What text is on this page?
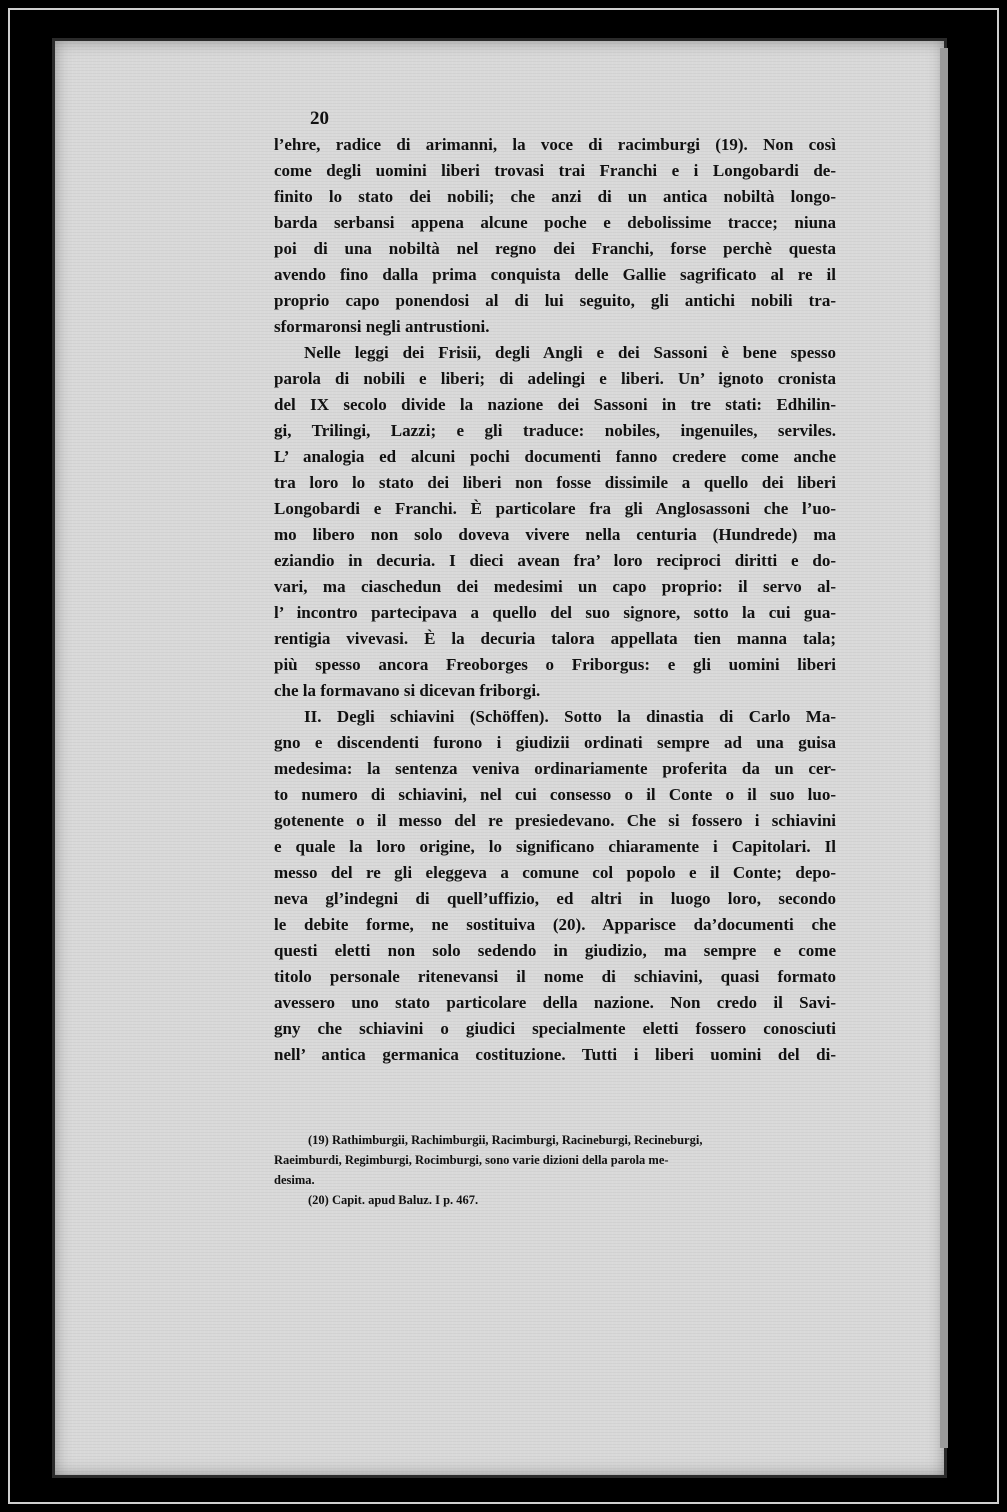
20
l’ehre, radice di arimanni, la voce di racimburgi (19). Non così
come degli uomini liberi trovasi trai Franchi e i Longobardi de-
finito lo stato dei nobili; che anzi di un antica nobiltà longo-
barda serbansi appena alcune poche e debolissime tracce; niuna
poi di una nobiltà nel regno dei Franchi, forse perchè questa
avendo fino dalla prima conquista delle Gallie sagrificato al re il
proprio capo ponendosi al di lui seguito, gli antichi nobili tra-
sformaronsi negli antrustioni.
Nelle leggi dei Frisii, degli Angli e dei Sassoni è bene spesso
parola di nobili e liberi; di adelingi e liberi. Un’ ignoto cronista
del IX secolo divide la nazione dei Sassoni in tre stati: Edhilin-
gi, Trilingi, Lazzi; e gli traduce: nobiles, ingenuiles, serviles.
L’ analogia ed alcuni pochi documenti fanno credere come anche
tra loro lo stato dei liberi non fosse dissimile a quello dei liberi
Longobardi e Franchi. È particolare fra gli Anglosassoni che l’uo-
mo libero non solo doveva vivere nella centuria (Hundrede) ma
eziandio in decuria. I dieci avean fra’ loro reciproci diritti e do-
vari, ma ciaschedun dei medesimi un capo proprio: il servo al-
l’ incontro partecipava a quello del suo signore, sotto la cui gua-
rentigia vivevasi. È la decuria talora appellata tien manna tala;
più spesso ancora Freoborges o Friborgus: e gli uomini liberi
che la formavano si dicevan friborgi.
II. Degli schiavini (Schöffen). Sotto la dinastia di Carlo Ma-
gno e discendenti furono i giudizii ordinati sempre ad una guisa
medesima: la sentenza veniva ordinariamente proferita da un cer-
to numero di schiavini, nel cui consesso o il Conte o il suo luo-
gotenente o il messo del re presiedevano. Che si fossero i schiavini
e quale la loro origine, lo significano chiaramente i Capitolari. Il
messo del re gli eleggeva a comune col popolo e il Conte; depo-
neva gl’indegni di quell’uffizio, ed altri in luogo loro, secondo
le debite forme, ne sostituiva (20). Apparisce da’documenti che
questi eletti non solo sedendo in giudizio, ma sempre e come
titolo personale ritenevansi il nome di schiavini, quasi formato
avessero uno stato particolare della nazione. Non credo il Savi-
gny che schiavini o giudici specialmente eletti fossero conosciuti
nell’ antica germanica costituzione. Tutti i liberi uomini del di-
(19) Rathimburgii, Rachimburgii, Racimburgi, Racineburgi, Recineburgi,
Raeimburdi, Regimburgi, Rocimburgi, sono varie dizioni della parola me-
desima.
(20) Capit. apud Baluz. I p. 467.
